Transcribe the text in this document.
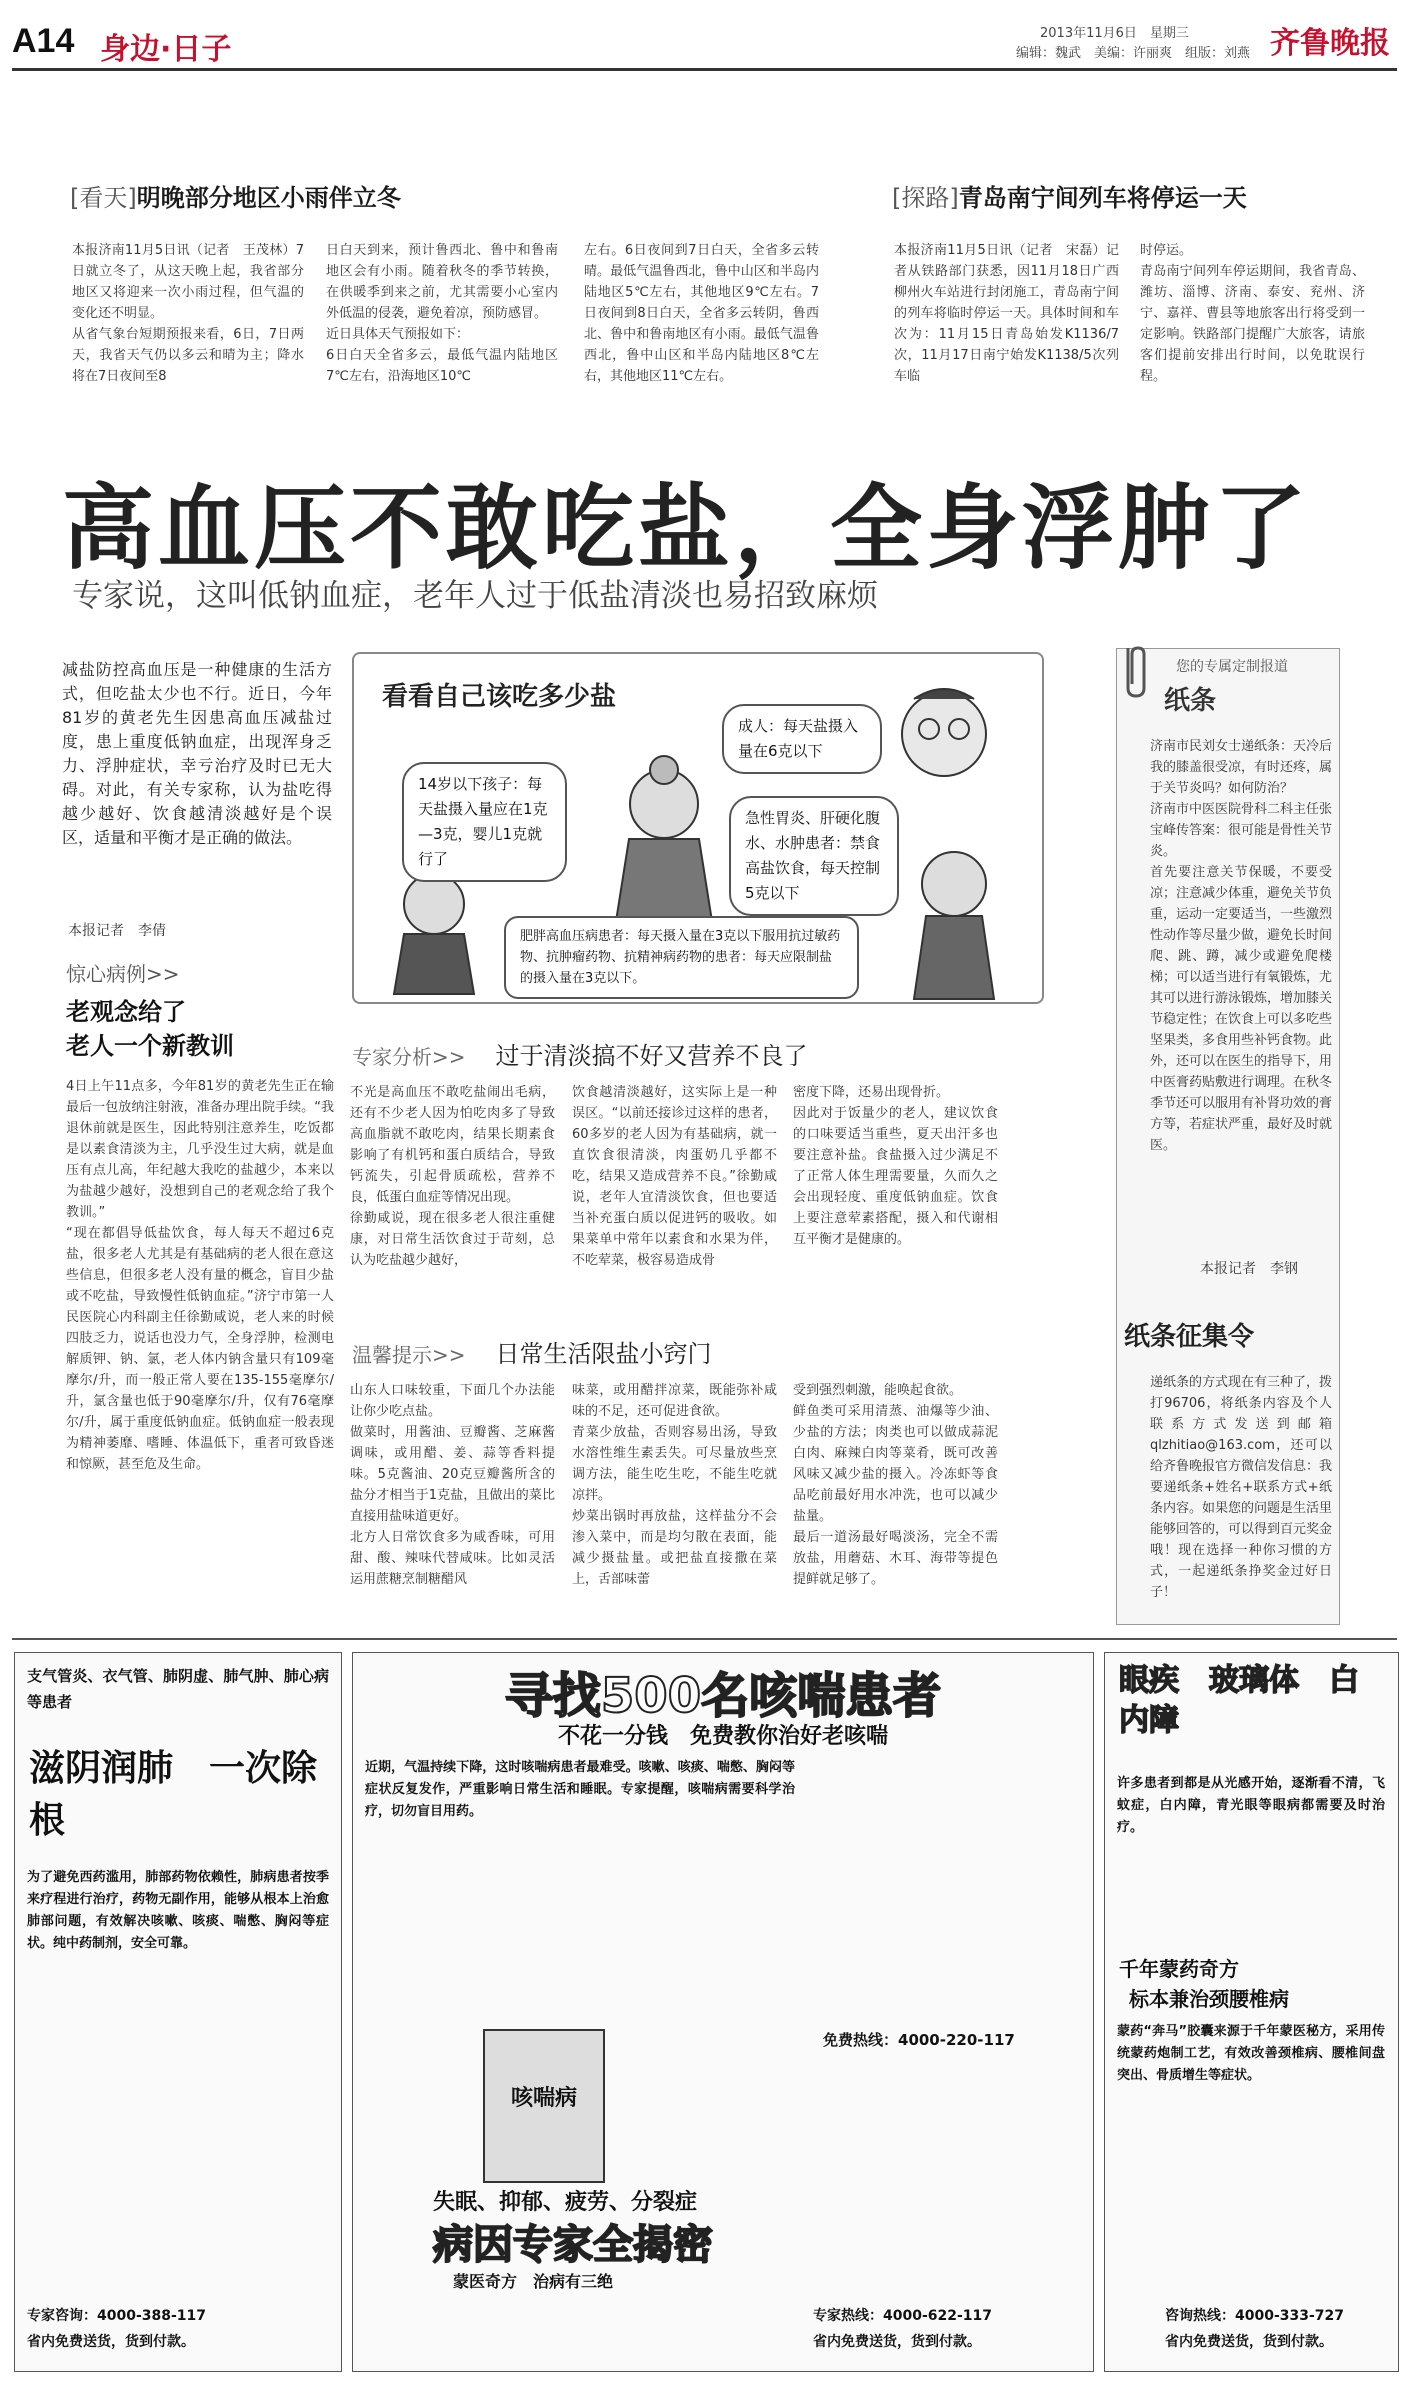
A14 身边·日子	2013年11月6日　星期三
编辑：魏武　美编：许丽爽　组版：刘燕 齐鲁晚报
[看天]明晚部分地区小雨伴立冬
本报济南11月5日讯（记者　王茂林）7日就立冬了，从这天晚上起，我省部分地区又将迎来一次小雨过程，但气温的变化还不明显。
从省气象台短期预报来看，6日，7日两天，我省天气仍以多云和晴为主；降水将在7日夜间至8
日白天到来，预计鲁西北、鲁中和鲁南地区会有小雨。随着秋冬的季节转换，在供暖季到来之前，尤其需要小心室内外低温的侵袭，避免着凉，预防感冒。
近日具体天气预报如下：
6日白天全省多云，最低气温内陆地区7℃左右，沿海地区10℃
左右。6日夜间到7日白天，全省多云转晴。最低气温鲁西北，鲁中山区和半岛内陆地区5℃左右，其他地区9℃左右。7日夜间到8日白天，全省多云转阴，鲁西北、鲁中和鲁南地区有小雨。最低气温鲁西北，鲁中山区和半岛内陆地区8℃左右，其他地区11℃左右。
[探路]青岛南宁间列车将停运一天
本报济南11月5日讯（记者　宋磊）记者从铁路部门获悉，因11月18日广西柳州火车站进行封闭施工，青岛南宁间的列车将临时停运一天。具体时间和车次为：11月15日青岛始发K1136/7次，11月17日南宁始发K1138/5次列车临
时停运。
青岛南宁间列车停运期间，我省青岛、潍坊、淄博、济南、泰安、兖州、济宁、嘉祥、曹县等地旅客出行将受到一定影响。铁路部门提醒广大旅客，请旅客们提前安排出行时间，以免耽误行程。
高血压不敢吃盐，全身浮肿了
专家说，这叫低钠血症，老年人过于低盐清淡也易招致麻烦
减盐防控高血压是一种健康的生活方式，但吃盐太少也不行。近日，今年81岁的黄老先生因患高血压减盐过度，患上重度低钠血症，出现浑身乏力、浮肿症状，幸亏治疗及时已无大碍。对此，有关专家称，认为盐吃得越少越好、饮食越清淡越好是个误区，适量和平衡才是正确的做法。
本报记者　李倩
看看自己该吃多少盐
14岁以下孩子：每天盐摄入量应在1克—3克，婴儿1克就行了
成人：每天盐摄入量在6克以下
急性胃炎、肝硬化腹水、水肿患者：禁食高盐饮食，每天控制5克以下
肥胖高血压病患者：每天摄入量在3克以下服用抗过敏药物、抗肿瘤药物、抗精神病药物的患者：每天应限制盐的摄入量在3克以下。
惊心病例>>
老观念给了
老人一个新教训
4日上午11点多，今年81岁的黄老先生正在输最后一包放纳注射液，准备办理出院手续。“我退休前就是医生，因此特别注意养生，吃饭都是以素食清淡为主，几乎没生过大病，就是血压有点儿高，年纪越大我吃的盐越少，本来以为盐越少越好，没想到自己的老观念给了我个教训。”
“现在都倡导低盐饮食，每人每天不超过6克盐，很多老人尤其是有基础病的老人很在意这些信息，但很多老人没有量的概念，盲目少盐或不吃盐，导致慢性低钠血症。”济宁市第一人民医院心内科副主任徐勤咸说，老人来的时候四肢乏力，说话也没力气，全身浮肿，检测电解质钾、钠、氯，老人体内钠含量只有109毫摩尔/升，而一般正常人要在135-155毫摩尔/升，氯含量也低于90毫摩尔/升，仅有76毫摩尔/升，属于重度低钠血症。低钠血症一般表现为精神萎靡、嗜睡、体温低下，重者可致昏迷和惊厥，甚至危及生命。
专家分析>> 过于清淡搞不好又营养不良了
不光是高血压不敢吃盐闹出毛病，还有不少老人因为怕吃肉多了导致高血脂就不敢吃肉，结果长期素食影响了有机钙和蛋白质结合，导致钙流失，引起骨质疏松，营养不良，低蛋白血症等情况出现。
徐勤咸说，现在很多老人很注重健康，对日常生活饮食过于苛刻，总认为吃盐越少越好，
饮食越清淡越好，这实际上是一种误区。“以前还接诊过这样的患者，60多岁的老人因为有基础病，就一直饮食很清淡，肉蛋奶几乎都不吃，结果又造成营养不良。”徐勤咸说，老年人宜清淡饮食，但也要适当补充蛋白质以促进钙的吸收。如果菜单中常年以素食和水果为伴，不吃荤菜，极容易造成骨
密度下降，还易出现骨折。
因此对于饭量少的老人，建议饮食的口味要适当重些，夏天出汗多也要注意补盐。食盐摄入过少满足不了正常人体生理需要量，久而久之会出现轻度、重度低钠血症。饮食上要注意荤素搭配，摄入和代谢相互平衡才是健康的。
温馨提示>> 日常生活限盐小窍门
山东人口味较重，下面几个办法能让你少吃点盐。
做菜时，用酱油、豆瓣酱、芝麻酱调味，或用醋、姜、蒜等香料提味。5克酱油、20克豆瓣酱所含的盐分才相当于1克盐，且做出的菜比直接用盐味道更好。
北方人日常饮食多为咸香味，可用甜、酸、辣味代替咸味。比如灵活运用蔗糖烹制糖醋风
味菜，或用醋拌凉菜，既能弥补咸味的不足，还可促进食欲。
青菜少放盐，否则容易出汤，导致水溶性维生素丢失。可尽量放些烹调方法，能生吃生吃，不能生吃就凉拌。
炒菜出锅时再放盐，这样盐分不会渗入菜中，而是均匀散在表面，能减少摄盐量。或把盐直接撒在菜上，舌部味蕾
受到强烈刺激，能唤起食欲。
鲜鱼类可采用清蒸、油爆等少油、少盐的方法；肉类也可以做成蒜泥白肉、麻辣白肉等菜肴，既可改善风味又减少盐的摄入。冷冻虾等食品吃前最好用水冲洗，也可以减少盐量。
最后一道汤最好喝淡汤，完全不需放盐，用蘑菇、木耳、海带等提色提鲜就足够了。
您的专属定制报道
纸条
济南市民刘女士递纸条：天冷后我的膝盖很受凉，有时还疼，属于关节炎吗？如何防治？
济南市中医医院骨科二科主任张宝峰传答案：很可能是骨性关节炎。
首先要注意关节保暖，不要受凉；注意减少体重，避免关节负重，运动一定要适当，一些激烈性动作等尽量少做，避免长时间爬、跳、蹲，减少或避免爬楼梯；可以适当进行有氧锻炼，尤其可以进行游泳锻炼，增加膝关节稳定性；在饮食上可以多吃些坚果类，多食用些补钙食物。此外，还可以在医生的指导下，用中医膏药贴敷进行调理。在秋冬季节还可以服用有补肾功效的膏方等，若症状严重，最好及时就医。
本报记者　李钢
纸条征集令
递纸条的方式现在有三种了，拨打96706，将纸条内容及个人联系方式发送到邮箱qlzhitiao@163.com，还可以给齐鲁晚报官方微信发信息：我要递纸条+姓名+联系方式+纸条内容。如果您的问题是生活里能够回答的，可以得到百元奖金哦！现在选择一种你习惯的方式，一起递纸条挣奖金过好日子！
支气管炎、衣气管、肺阴虚、肺气肿、肺心病等患者
滋阴润肺　一次除根
为了避免西药滥用，肺部药物依赖性，肺病患者按季来疗程进行治疗，药物无副作用，能够从根本上治愈肺部问题，有效解决咳嗽、咳痰、喘憋、胸闷等症状。纯中药制剂，安全可靠。
专家咨询：4000-388-117
省内免费送货，货到付款。
寻找500名咳喘患者
不花一分钱　免费教你治好老咳喘
近期，气温持续下降，这时咳喘病患者最难受。咳嗽、咳痰、喘憋、胸闷等症状反复发作，严重影响日常生活和睡眠。专家提醒，咳喘病需要科学治疗，切勿盲目用药。
咳喘病
免费热线：4000-220-117
失眠、抑郁、疲劳、分裂症
病因专家全揭密
蒙医奇方　治病有三绝
专家热线：4000-622-117
省内免费送货，货到付款。
眼疾　玻璃体　白内障
许多患者到都是从光感开始，逐渐看不清，飞蚊症，白内障，青光眼等眼病都需要及时治疗。
千年蒙药奇方
标本兼治颈腰椎病
蒙药“奔马”胶囊来源于千年蒙医秘方，采用传统蒙药炮制工艺，有效改善颈椎病、腰椎间盘突出、骨质增生等症状。
咨询热线：4000-333-727
省内免费送货，货到付款。
